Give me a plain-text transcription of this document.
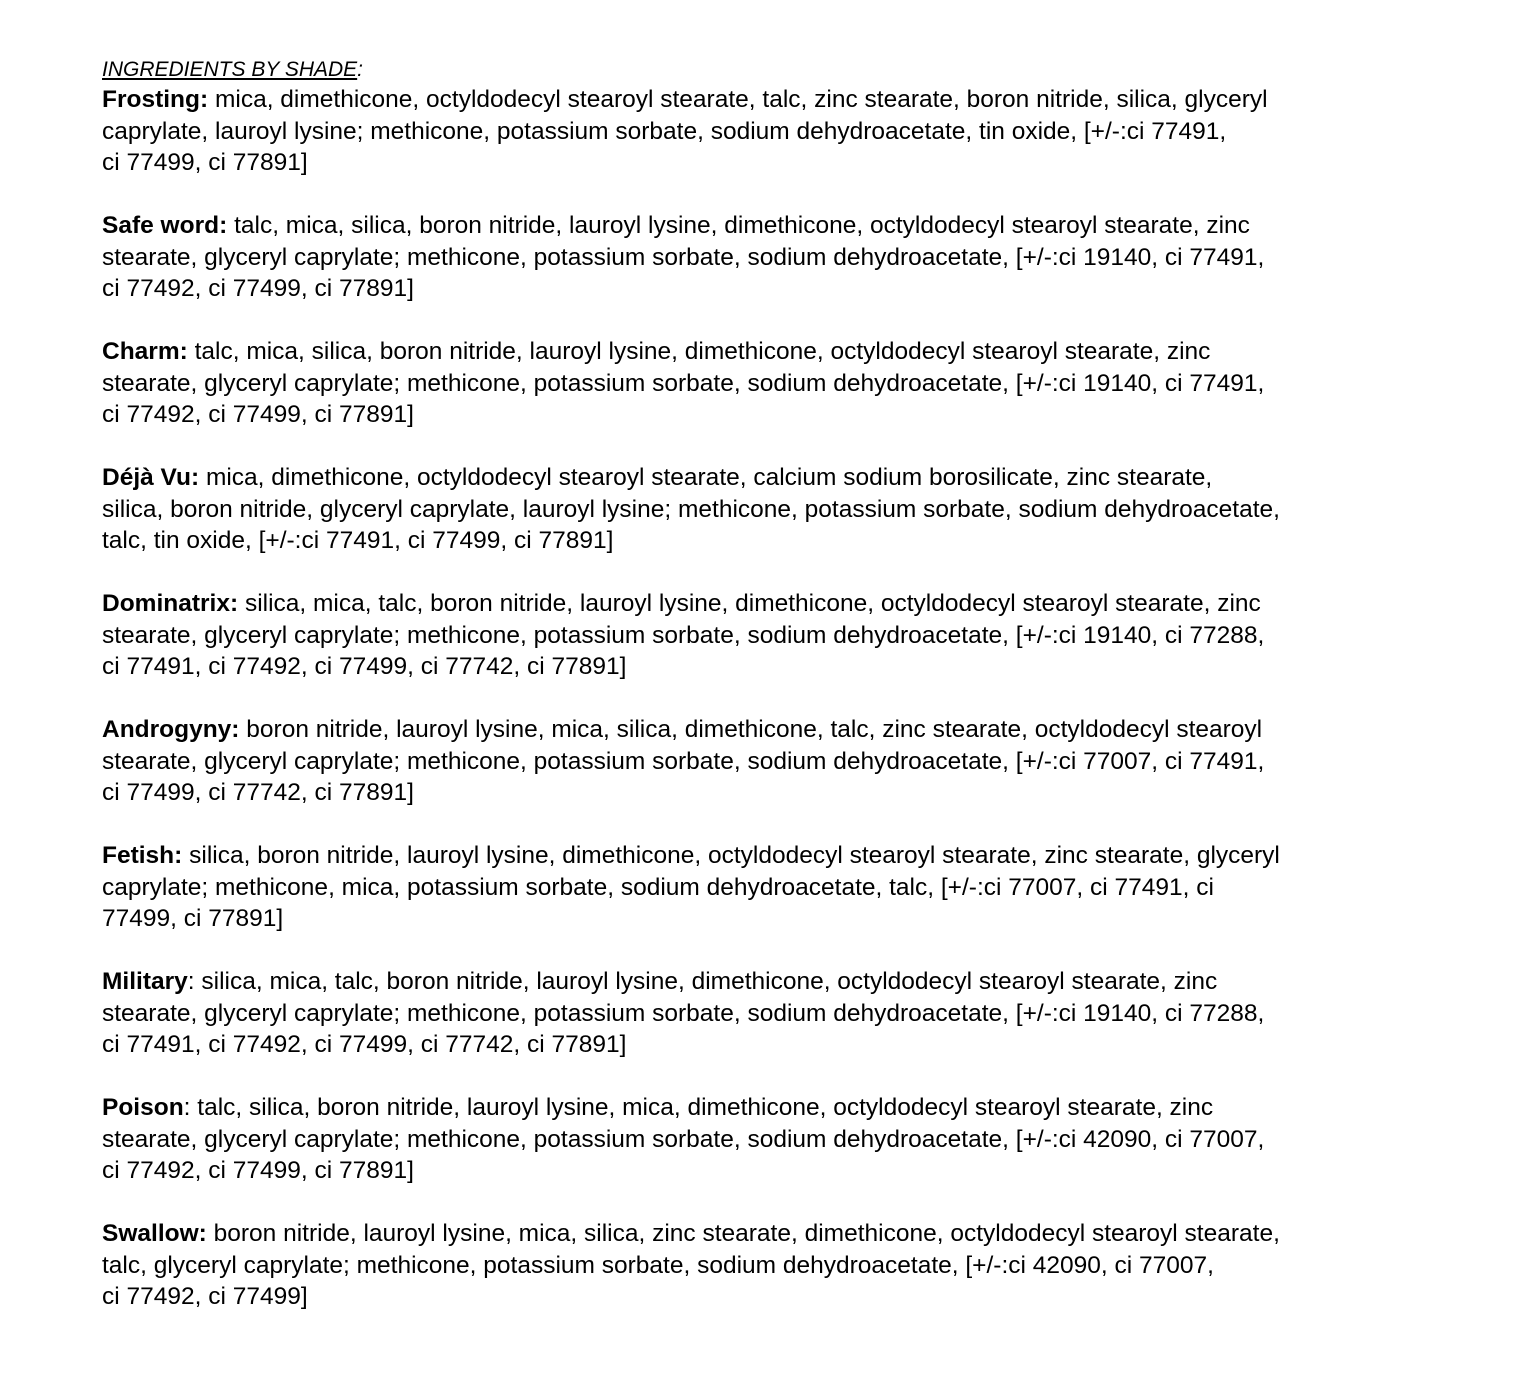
INGREDIENTS BY SHADE:
Frosting: mica, dimethicone, octyldodecyl stearoyl stearate, talc, zinc stearate, boron nitride, silica, glyceryl
caprylate, lauroyl lysine; methicone, potassium sorbate, sodium dehydroacetate, tin oxide, [+/-:ci 77491,
ci 77499, ci 77891]
Safe word: talc, mica, silica, boron nitride, lauroyl lysine, dimethicone, octyldodecyl stearoyl stearate, zinc
stearate, glyceryl caprylate; methicone, potassium sorbate, sodium dehydroacetate, [+/-:ci 19140, ci 77491,
ci 77492, ci 77499, ci 77891]
Charm: talc, mica, silica, boron nitride, lauroyl lysine, dimethicone, octyldodecyl stearoyl stearate, zinc
stearate, glyceryl caprylate; methicone, potassium sorbate, sodium dehydroacetate, [+/-:ci 19140, ci 77491,
ci 77492, ci 77499, ci 77891]
Déjà Vu: mica, dimethicone, octyldodecyl stearoyl stearate, calcium sodium borosilicate, zinc stearate,
silica, boron nitride, glyceryl caprylate, lauroyl lysine; methicone, potassium sorbate, sodium dehydroacetate,
talc, tin oxide, [+/-:ci 77491, ci 77499, ci 77891]
Dominatrix: silica, mica, talc, boron nitride, lauroyl lysine, dimethicone, octyldodecyl stearoyl stearate, zinc
stearate, glyceryl caprylate; methicone, potassium sorbate, sodium dehydroacetate, [+/-:ci 19140, ci 77288,
ci 77491, ci 77492, ci 77499, ci 77742, ci 77891]
Androgyny: boron nitride, lauroyl lysine, mica, silica, dimethicone, talc, zinc stearate, octyldodecyl stearoyl
stearate, glyceryl caprylate; methicone, potassium sorbate, sodium dehydroacetate, [+/-:ci 77007, ci 77491,
ci 77499, ci 77742, ci 77891]
Fetish: silica, boron nitride, lauroyl lysine, dimethicone, octyldodecyl stearoyl stearate, zinc stearate, glyceryl
caprylate; methicone, mica, potassium sorbate, sodium dehydroacetate, talc, [+/-:ci 77007, ci 77491, ci
77499, ci 77891]
Military: silica, mica, talc, boron nitride, lauroyl lysine, dimethicone, octyldodecyl stearoyl stearate, zinc
stearate, glyceryl caprylate; methicone, potassium sorbate, sodium dehydroacetate, [+/-:ci 19140, ci 77288,
ci 77491, ci 77492, ci 77499, ci 77742, ci 77891]
Poison: talc, silica, boron nitride, lauroyl lysine, mica, dimethicone, octyldodecyl stearoyl stearate, zinc
stearate, glyceryl caprylate; methicone, potassium sorbate, sodium dehydroacetate, [+/-:ci 42090, ci 77007,
ci 77492, ci 77499, ci 77891]
Swallow: boron nitride, lauroyl lysine, mica, silica, zinc stearate, dimethicone, octyldodecyl stearoyl stearate,
talc, glyceryl caprylate; methicone, potassium sorbate, sodium dehydroacetate, [+/-:ci 42090, ci 77007,
ci 77492, ci 77499]
